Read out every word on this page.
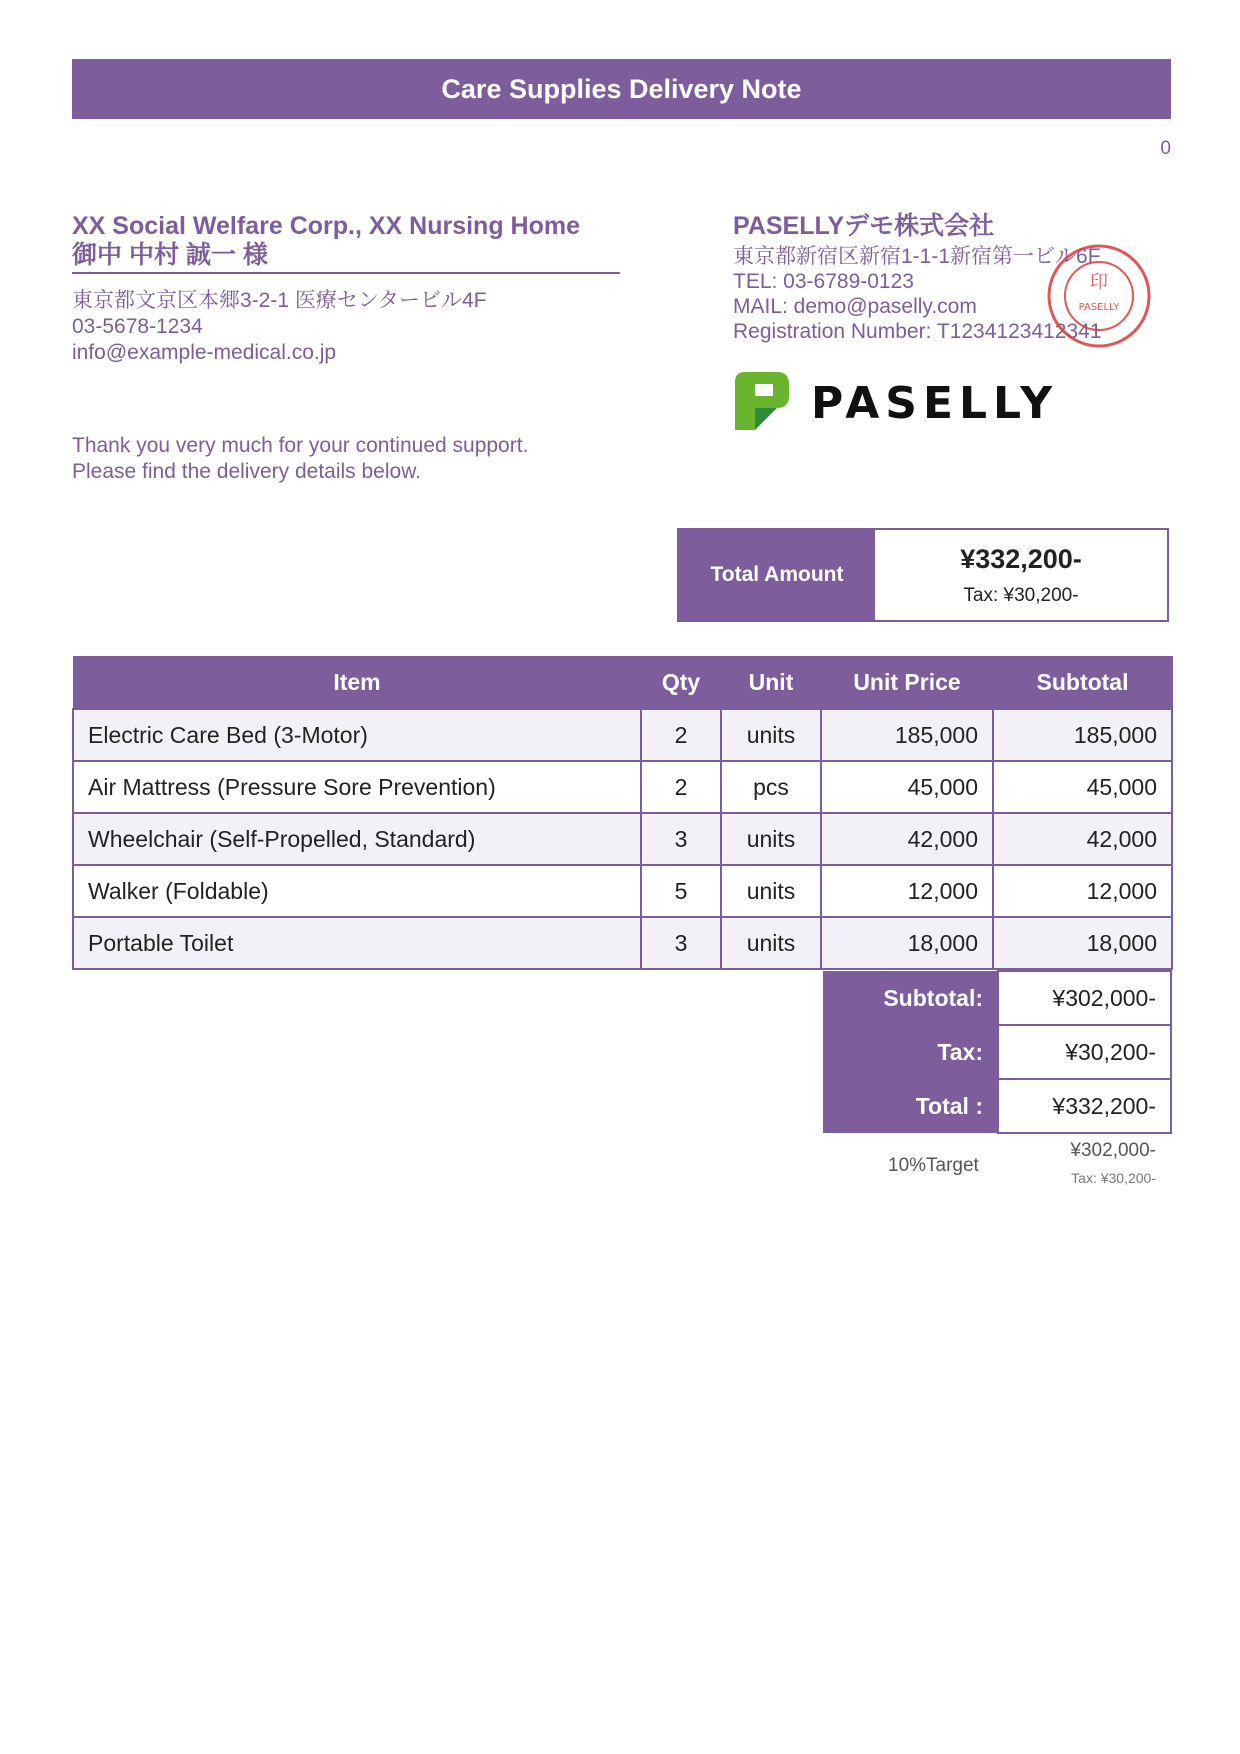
Care Supplies Delivery Note
0
XX Social Welfare Corp., XX Nursing Home
御中 中村 誠一 様
東京都文京区本郷3-2-1 医療センタービル4F
03-5678-1234
info@example-medical.co.jp
Thank you very much for your continued support.
Please find the delivery details below.
PASELLYデモ株式会社
東京都新宿区新宿1-1-1新宿第一ビル6F
TEL: 03-6789-0123
MAIL: demo@paselly.com
Registration Number: T1234123412341
印
PASELLY
PASELLY
Total Amount
¥332,200-
Tax: ¥30,200-
Item	Qty	Unit	Unit Price	Subtotal
Electric Care Bed (3-Motor)	2	units	185,000	185,000
Air Mattress (Pressure Sore Prevention)	2	pcs	45,000	45,000
Wheelchair (Self-Propelled, Standard)	3	units	42,000	42,000
Walker (Foldable)	5	units	12,000	12,000
Portable Toilet	3	units	18,000	18,000
Subtotal:	¥302,000-
Tax:	¥30,200-
Total :	¥332,200-
10%Target
¥302,000-
Tax: ¥30,200-
